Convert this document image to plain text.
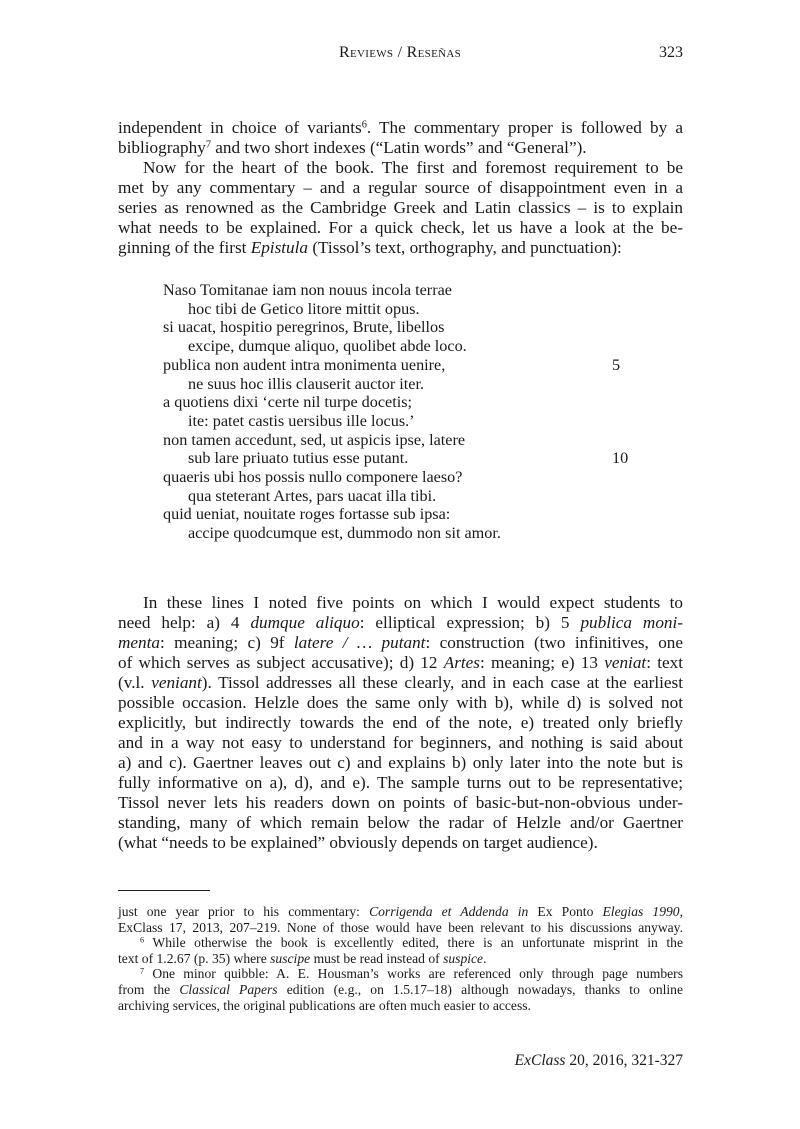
Reviews / Reseñas	323
independent in choice of variants$^6$. The commentary proper is followed by a
bibliography$^7$ and two short indexes (“Latin words” and “General”).
Now for the heart of the book. The first and foremost requirement to be
met by any commentary – and a regular source of disappointment even in a
series as renowned as the Cambridge Greek and Latin classics – is to explain
what needs to be explained. For a quick check, let us have a look at the be-
ginning of the first Epistula (Tissol’s text, orthography, and punctuation):
Naso Tomitanae iam non nouus incola terrae
hoc tibi de Getico litore mittit opus.
si uacat, hospitio peregrinos, Brute, libellos
excipe, dumque aliquo, quolibet abde loco.
publica non audent intra monimenta uenire,
ne suus hoc illis clauserit auctor iter.
a quotiens dixi ‘certe nil turpe docetis;
ite: patet castis uersibus ille locus.’
non tamen accedunt, sed, ut aspicis ipse, latere
sub lare priuato tutius esse putant.
quaeris ubi hos possis nullo componere laeso?
qua steterant Artes, pars uacat illa tibi.
quid ueniat, nouitate roges fortasse sub ipsa:
accipe quodcumque est, dummodo non sit amor.
5
10
In these lines I noted five points on which I would expect students to
need help: a) 4 dumque aliquo: elliptical expression; b) 5 publica moni-
menta: meaning; c) 9f latere / … putant: construction (two infinitives, one
of which serves as subject accusative); d) 12 Artes: meaning; e) 13 veniat: text
(v.l. veniant). Tissol addresses all these clearly, and in each case at the earliest
possible occasion. Helzle does the same only with b), while d) is solved not
explicitly, but indirectly towards the end of the note, e) treated only briefly
and in a way not easy to understand for beginners, and nothing is said about
a) and c). Gaertner leaves out c) and explains b) only later into the note but is
fully informative on a), d), and e). The sample turns out to be representative;
Tissol never lets his readers down on points of basic-but-non-obvious under-
standing, many of which remain below the radar of Helzle and/or Gaertner
(what “needs to be explained” obviously depends on target audience).
just one year prior to his commentary: Corrigenda et Addenda in Ex Ponto Elegias 1990,
ExClass 17, 2013, 207–219. None of those would have been relevant to his discussions anyway.
$^6$ While otherwise the book is excellently edited, there is an unfortunate misprint in the
text of 1.2.67 (p. 35) where suscipe must be read instead of suspice.
$^7$ One minor quibble: A. E. Housman’s works are referenced only through page numbers
from the Classical Papers edition (e.g., on 1.5.17–18) although nowadays, thanks to online
archiving services, the original publications are often much easier to access.
ExClass 20, 2016, 321-327
